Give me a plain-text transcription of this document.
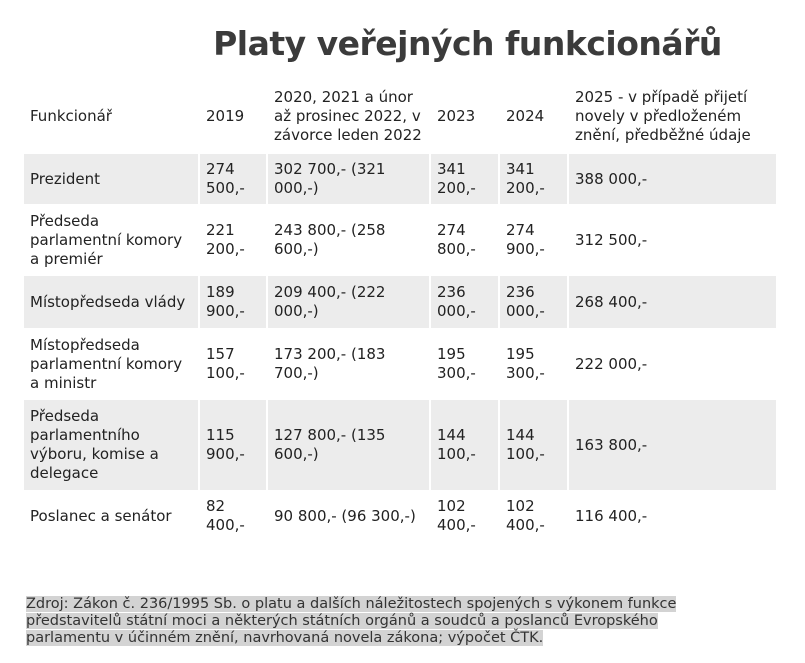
Platy veřejných funkcionářů
Funkcionář	2019	2020, 2021 a únor až prosinec 2022, v závorce leden 2022	2023	2024	2025 - v případě přijetí novely v předloženém znění, předběžné údaje
Prezident	274 500,-	302 700,- (321 000,-)	341 200,-	341 200,-	388 000,-
Předseda parlamentní komory a premiér	221 200,-	243 800,- (258 600,-)	274 800,-	274 900,-	312 500,-
Místopředseda vlády	189 900,-	209 400,- (222 000,-)	236 000,-	236 000,-	268 400,-
Místopředseda parlamentní komory a ministr	157 100,-	173 200,- (183 700,-)	195 300,-	195 300,-	222 000,-
Předseda parlamentního výboru, komise a delegace	115 900,-	127 800,- (135 600,-)	144 100,-	144 100,-	163 800,-
Poslanec a senátor	82 400,-	90 800,- (96 300,-)	102 400,-	102 400,-	116 400,-
Zdroj: Zákon č. 236/1995 Sb. o platu a dalších náležitostech spojených s výkonem funkce představitelů státní moci a některých státních orgánů a soudců a poslanců Evropského parlamentu v účinném znění, navrhovaná novela zákona; výpočet ČTK.
